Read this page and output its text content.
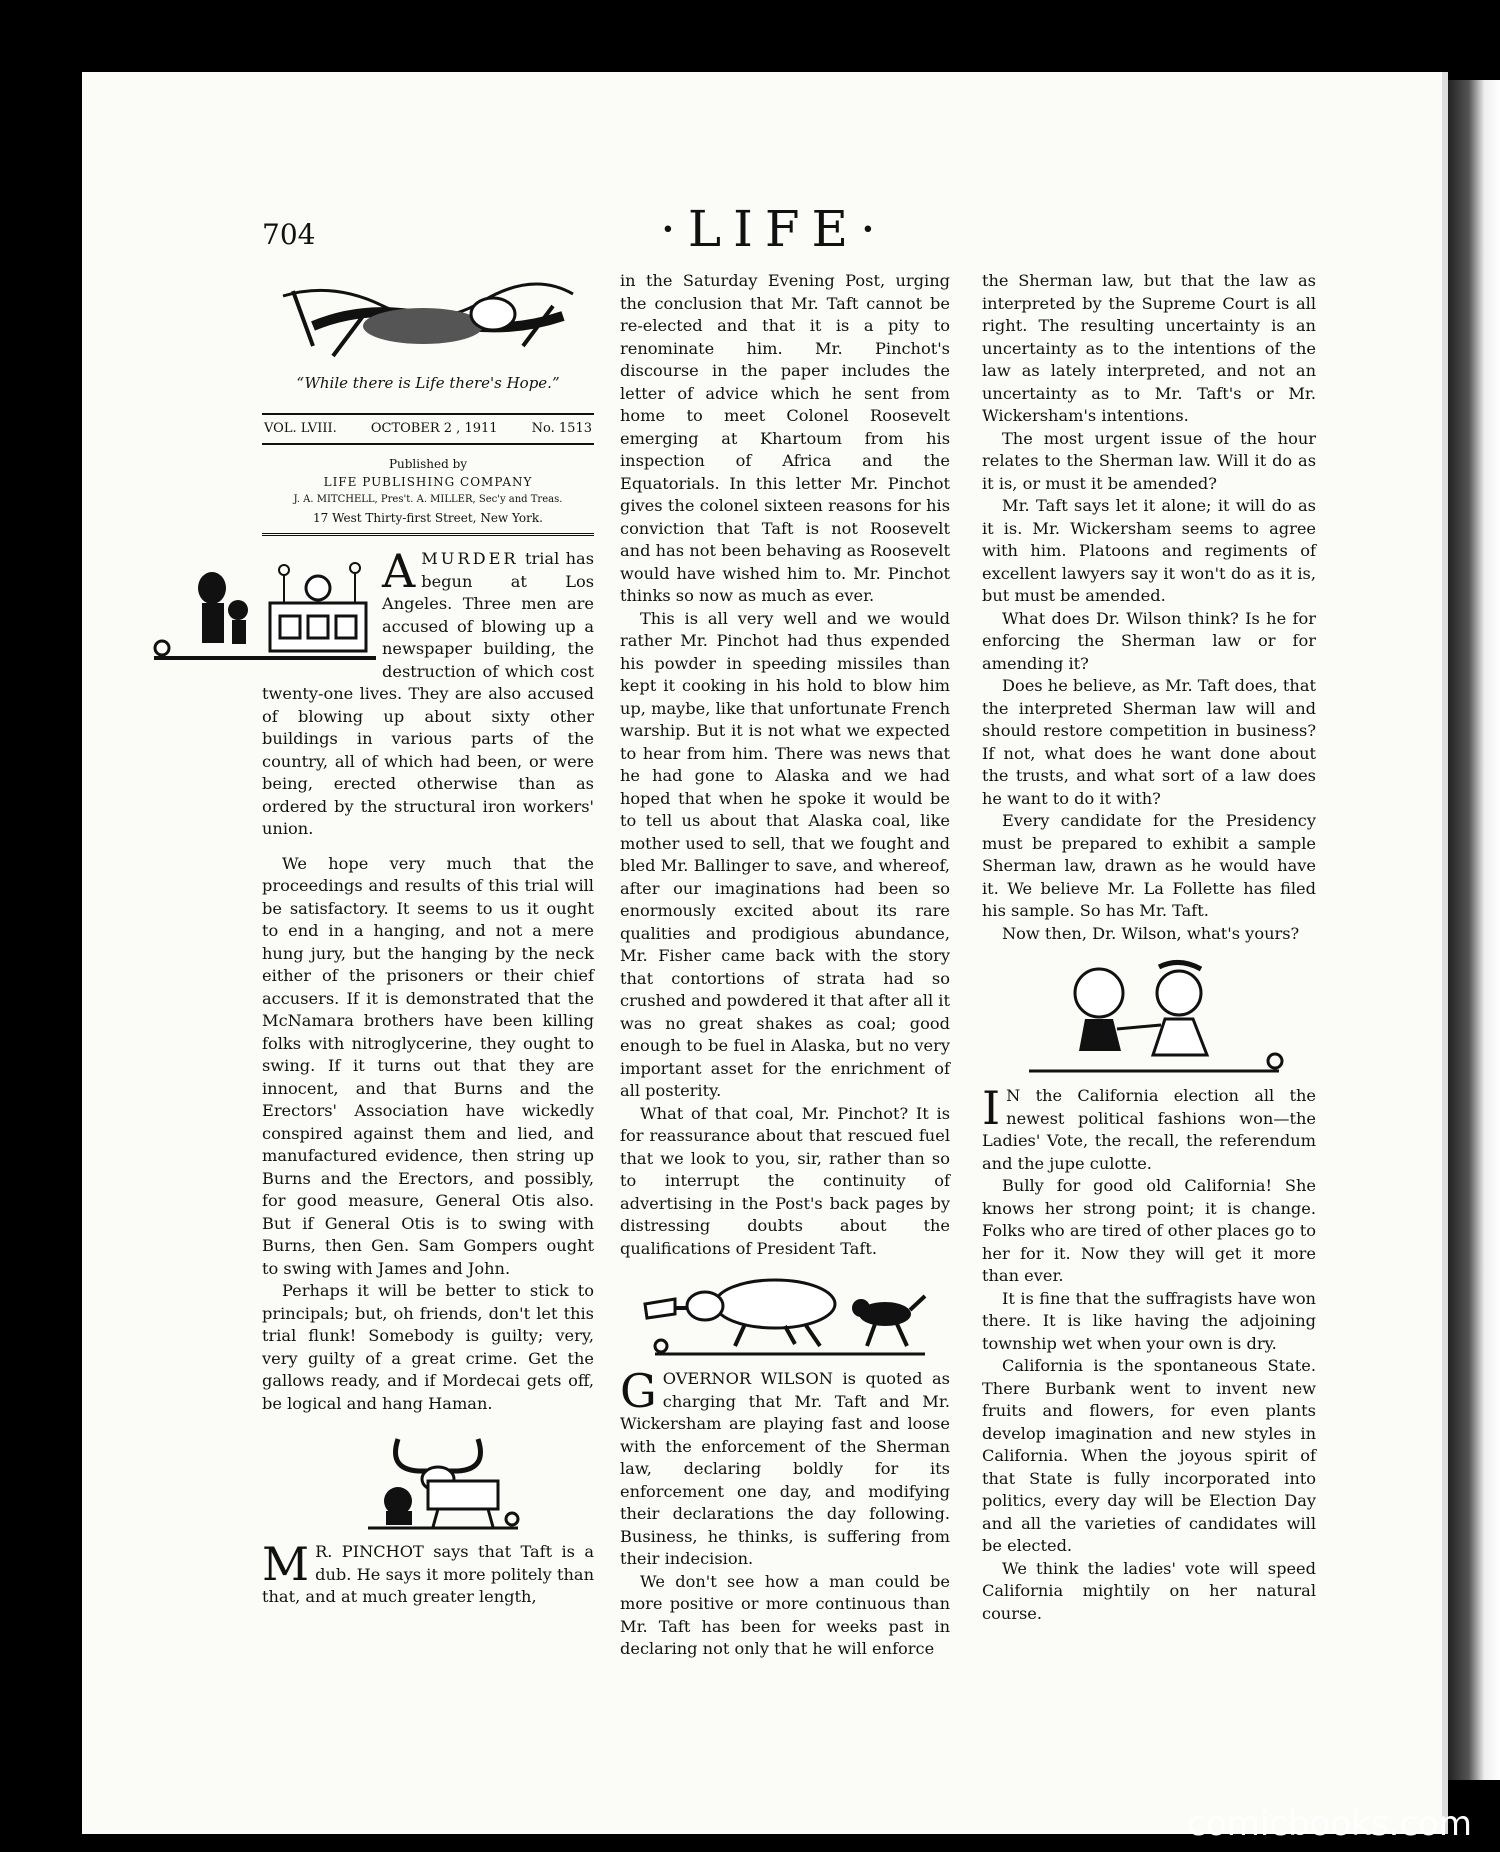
704	·LIFE·
“While there is Life there's Hope.”
VOL. LVIII.	OCTOBER 2 , 1911	No. 1513
Published by
LIFE PUBLISHING COMPANY
J. A. MITCHELL, Pres't. A. MILLER, Sec'y and Treas.
17 West Thirty-first Street, New York.

AMURDER trial has begun at Los Angeles. Three men are accused of blowing up a newspaper building, the destruction of which cost twenty-one lives. They are also accused of blowing up about sixty other buildings in various parts of the country, all of which had been, or were being, erected otherwise than as ordered by the structural iron workers' union.

We hope very much that the proceedings and results of this trial will be satisfactory. It seems to us it ought to end in a hanging, and not a mere hung jury, but the hanging by the neck either of the prisoners or their chief accusers. If it is demonstrated that the McNamara brothers have been killing folks with nitroglycerine, they ought to swing. If it turns out that they are innocent, and that Burns and the Erectors' Association have wickedly conspired against them and lied, and manufactured evidence, then string up Burns and the Erectors, and possibly, for good measure, General Otis also. But if General Otis is to swing with Burns, then Gen. Sam Gompers ought to swing with James and John.

Perhaps it will be better to stick to principals; but, oh friends, don't let this trial flunk! Somebody is guilty; very, very guilty of a great crime. Get the gallows ready, and if Mordecai gets off, be logical and hang Haman.

M R. PINCHOT says that Taft is a dub. He says it more politely than that, and at much greater length,

in the Saturday Evening Post, urging the conclusion that Mr. Taft cannot be re-elected and that it is a pity to renominate him. Mr. Pinchot's discourse in the paper includes the letter of advice which he sent from home to meet Colonel Roosevelt emerging at Khartoum from his inspection of Africa and the Equatorials. In this letter Mr. Pinchot gives the colonel sixteen reasons for his conviction that Taft is not Roosevelt and has not been behaving as Roosevelt would have wished him to. Mr. Pinchot thinks so now as much as ever.

This is all very well and we would rather Mr. Pinchot had thus expended his powder in speeding missiles than kept it cooking in his hold to blow him up, maybe, like that unfortunate French warship. But it is not what we expected to hear from him. There was news that he had gone to Alaska and we had hoped that when he spoke it would be to tell us about that Alaska coal, like mother used to sell, that we fought and bled Mr. Ballinger to save, and whereof, after our imaginations had been so enormously excited about its rare qualities and prodigious abundance, Mr. Fisher came back with the story that contortions of strata had so crushed and powdered it that after all it was no great shakes as coal; good enough to be fuel in Alaska, but no very important asset for the enrichment of all posterity.

What of that coal, Mr. Pinchot? It is for reassurance about that rescued fuel that we look to you, sir, rather than so to interrupt the continuity of advertising in the Post's back pages by distressing doubts about the qualifications of President Taft.

GOVERNOR WILSON is quoted as charging that Mr. Taft and Mr. Wickersham are playing fast and loose with the enforcement of the Sherman law, declaring boldly for its enforcement one day, and modifying their declarations the day following. Business, he thinks, is suffering from their indecision.

We don't see how a man could be more positive or more continuous than Mr. Taft has been for weeks past in declaring not only that he will enforce

the Sherman law, but that the law as interpreted by the Supreme Court is all right. The resulting uncertainty is an uncertainty as to the intentions of the law as lately interpreted, and not an uncertainty as to Mr. Taft's or Mr. Wickersham's intentions.

The most urgent issue of the hour relates to the Sherman law. Will it do as it is, or must it be amended?

Mr. Taft says let it alone; it will do as it is. Mr. Wickersham seems to agree with him. Platoons and regiments of excellent lawyers say it won't do as it is, but must be amended.

What does Dr. Wilson think? Is he for enforcing the Sherman law or for amending it?

Does he believe, as Mr. Taft does, that the interpreted Sherman law will and should restore competition in business? If not, what does he want done about the trusts, and what sort of a law does he want to do it with?

Every candidate for the Presidency must be prepared to exhibit a sample Sherman law, drawn as he would have it. We believe Mr. La Follette has filed his sample. So has Mr. Taft.

Now then, Dr. Wilson, what's yours?

I N the California election all the newest political fashions won—the Ladies' Vote, the recall, the referendum and the jupe culotte.

Bully for good old California! She knows her strong point; it is change. Folks who are tired of other places go to her for it. Now they will get it more than ever.

It is fine that the suffragists have won there. It is like having the adjoining township wet when your own is dry.

California is the spontaneous State. There Burbank went to invent new fruits and flowers, for even plants develop imagination and new styles in California. When the joyous spirit of that State is fully incorporated into politics, every day will be Election Day and all the varieties of candidates will be elected.

We think the ladies' vote will speed California mightily on her natural course.

comicbooks.com
